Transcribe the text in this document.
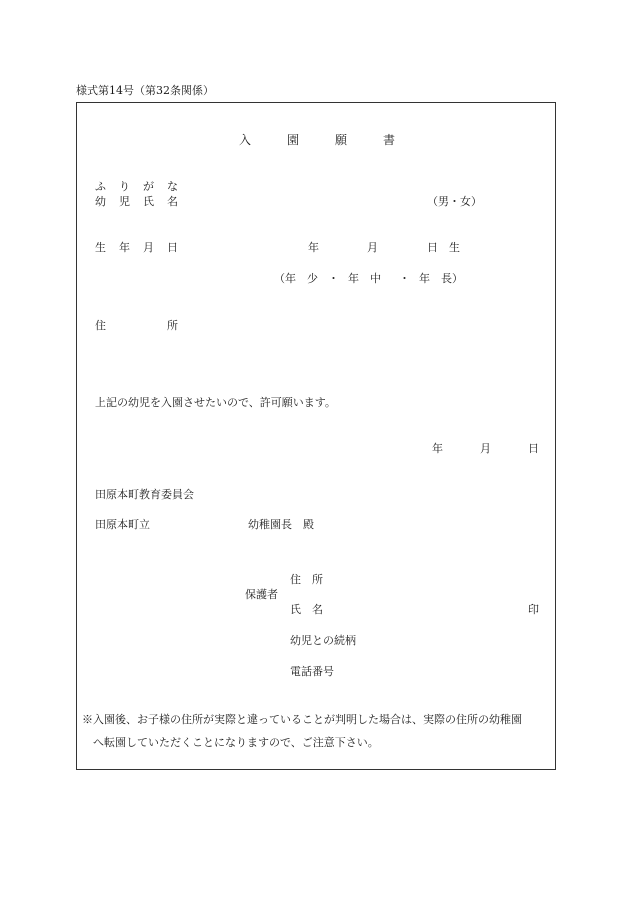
様式第14号（第32条関係）
入	園	願	書
ふ り が な
幼 児 氏 名	（男・女）
生 年 月 日	年	月	日　生
（年　少 ・ 年　中 ・ 年　長）
住	所
上記の幼児を入園させたいので、許可願います。
年	月	日
田原本町教育委員会
田原本町立	幼稚園長　殿
保護者
住　所
氏　名	印
幼児との続柄
電話番号
※入園後、お子様の住所が実際と違っていることが判明した場合は、実際の住所の幼稚園
へ転園していただくことになりますので、ご注意下さい。
